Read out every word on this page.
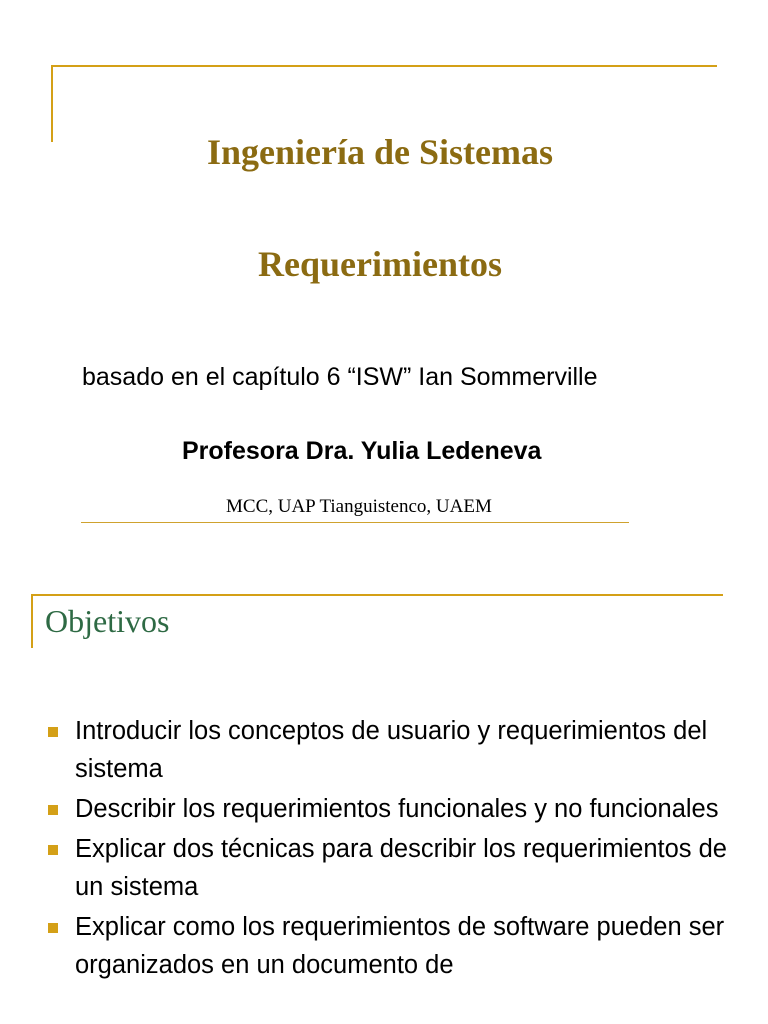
Ingeniería de Sistemas
Requerimientos
basado en el capítulo 6 “ISW” Ian Sommerville
Profesora Dra. Yulia Ledeneva
MCC, UAP Tianguistenco, UAEM
Objetivos
Introducir los conceptos de usuario y requerimientos del sistema
Describir los requerimientos funcionales y no funcionales
Explicar dos técnicas para describir los requerimientos de un sistema
Explicar como los requerimientos de software pueden ser organizados en un documento de
